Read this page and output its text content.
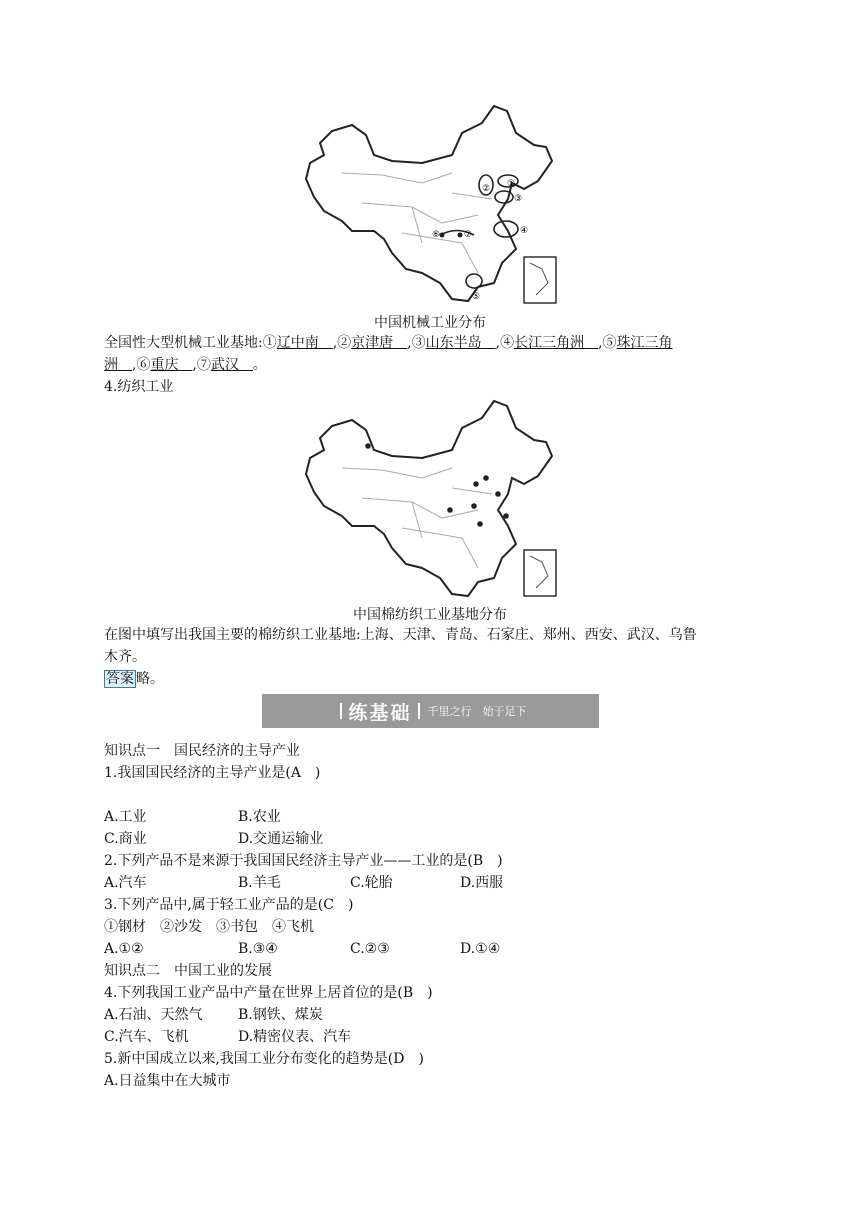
①
②
③
④
⑤
⑥	⑦
中国机械工业分布
全国性大型机械工业基地:①辽中南　 ,②京津唐　 ,③山东半岛　 ,④长江三角洲　 ,⑤珠江三角
洲　 ,⑥重庆　 ,⑦武汉　 。
4.纺织工业
中国棉纺织工业基地分布
在图中填写出我国主要的棉纺织工业基地:上海、天津、青岛、石家庄、郑州、西安、武汉、乌鲁
木齐。
答案 略。
练基础 千里之行　始于足下
知识点一　国民经济的主导产业
1.我国国民经济的主导产业是(A　)
A.工业	B.农业
C.商业	D.交通运输业
2.下列产品不是来源于我国国民经济主导产业——工业的是(B　)
A.汽车	B.羊毛	C.轮胎	D.西服
3.下列产品中,属于轻工业产品的是(C　)
①钢材　②沙发　③书包　④飞机
A.①②	B.③④	C.②③	D.①④
知识点二　中国工业的发展
4.下列我国工业产品中产量在世界上居首位的是(B　)
A.石油、天然气	B.钢铁、煤炭
C.汽车、飞机	D.精密仪表、汽车
5.新中国成立以来,我国工业分布变化的趋势是(D　)
A.日益集中在大城市
